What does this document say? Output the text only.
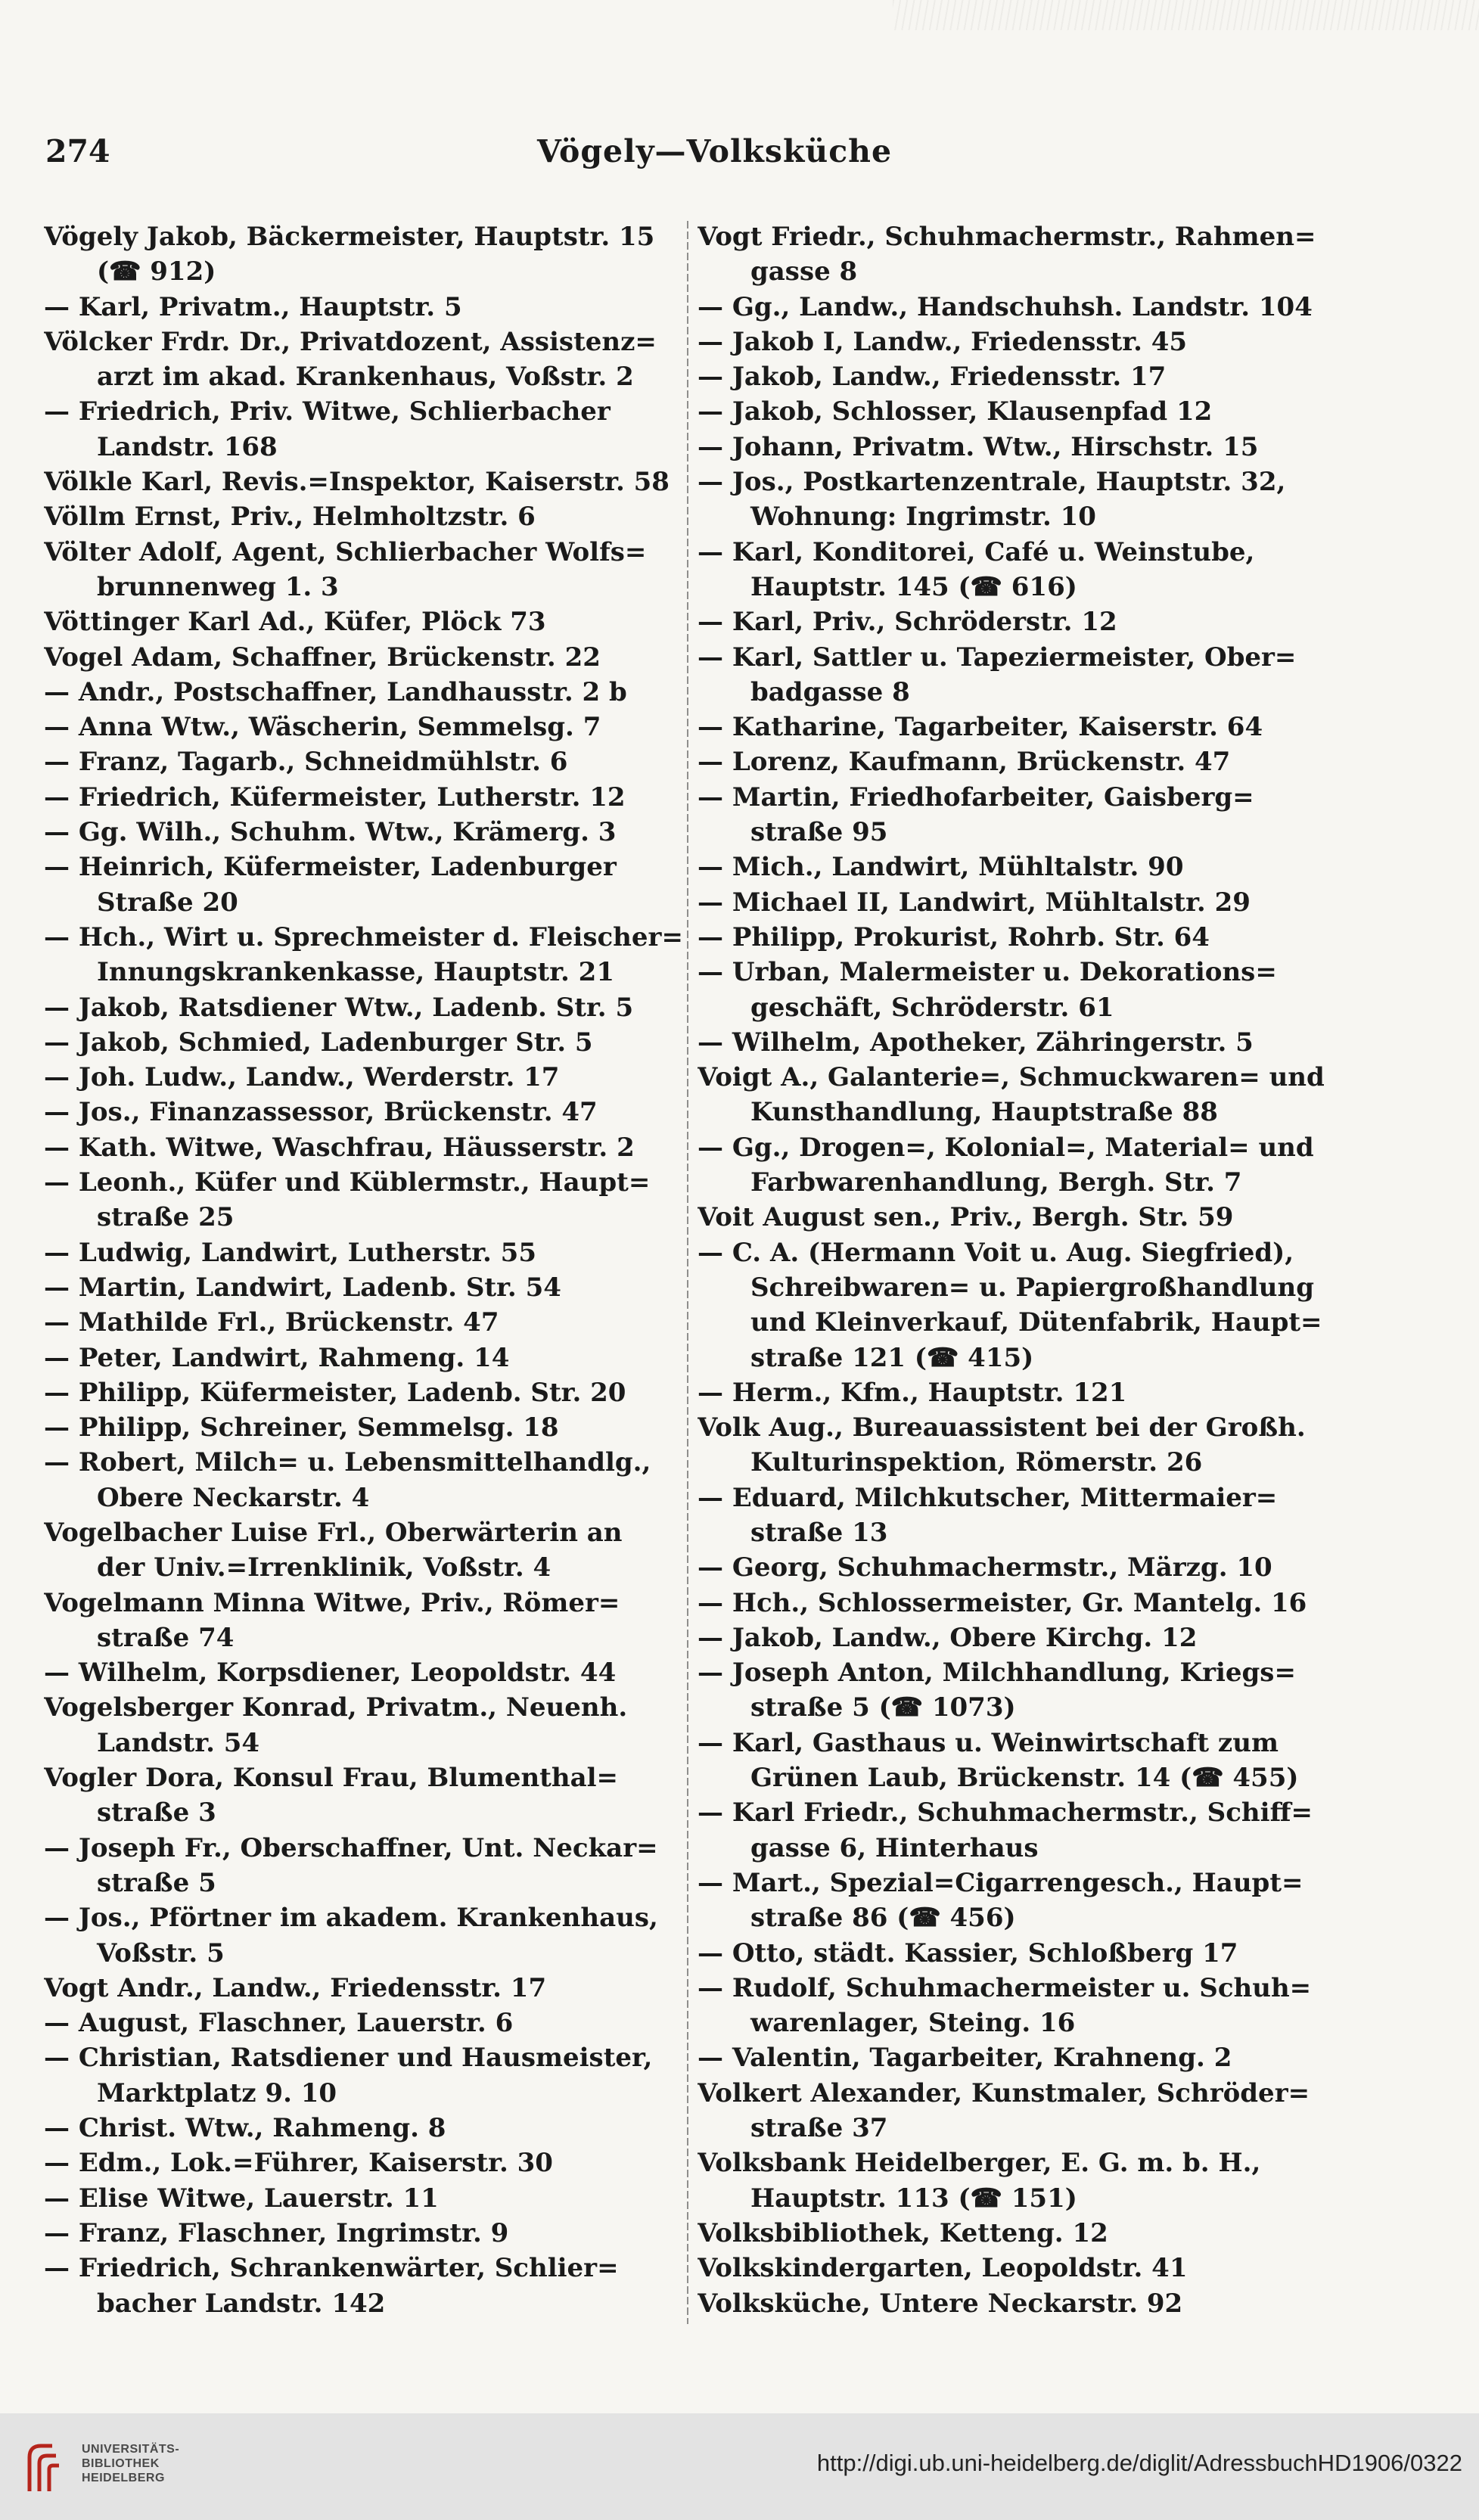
274	Vögely—Volksküche
Vögely Jakob, Bäckermeister, Hauptstr. 15
(☎ 912)
— Karl, Privatm., Hauptstr. 5
Völcker Frdr. Dr., Privatdozent, Assistenz=
arzt im akad. Krankenhaus, Voßstr. 2
— Friedrich, Priv. Witwe, Schlierbacher
Landstr. 168
Völkle Karl, Revis.=Inspektor, Kaiserstr. 58
Völlm Ernst, Priv., Helmholtzstr. 6
Völter Adolf, Agent, Schlierbacher Wolfs=
brunnenweg 1. 3
Vöttinger Karl Ad., Küfer, Plöck 73
Vogel Adam, Schaffner, Brückenstr. 22
— Andr., Postschaffner, Landhausstr. 2 b
— Anna Wtw., Wäscherin, Semmelsg. 7
— Franz, Tagarb., Schneidmühlstr. 6
— Friedrich, Küfermeister, Lutherstr. 12
— Gg. Wilh., Schuhm. Wtw., Krämerg. 3
— Heinrich, Küfermeister, Ladenburger
Straße 20
— Hch., Wirt u. Sprechmeister d. Fleischer=
Innungskrankenkasse, Hauptstr. 21
— Jakob, Ratsdiener Wtw., Ladenb. Str. 5
— Jakob, Schmied, Ladenburger Str. 5
— Joh. Ludw., Landw., Werderstr. 17
— Jos., Finanzassessor, Brückenstr. 47
— Kath. Witwe, Waschfrau, Häusserstr. 2
— Leonh., Küfer und Küblermstr., Haupt=
straße 25
— Ludwig, Landwirt, Lutherstr. 55
— Martin, Landwirt, Ladenb. Str. 54
— Mathilde Frl., Brückenstr. 47
— Peter, Landwirt, Rahmeng. 14
— Philipp, Küfermeister, Ladenb. Str. 20
— Philipp, Schreiner, Semmelsg. 18
— Robert, Milch= u. Lebensmittelhandlg.,
Obere Neckarstr. 4
Vogelbacher Luise Frl., Oberwärterin an
der Univ.=Irrenklinik, Voßstr. 4
Vogelmann Minna Witwe, Priv., Römer=
straße 74
— Wilhelm, Korpsdiener, Leopoldstr. 44
Vogelsberger Konrad, Privatm., Neuenh.
Landstr. 54
Vogler Dora, Konsul Frau, Blumenthal=
straße 3
— Joseph Fr., Oberschaffner, Unt. Neckar=
straße 5
— Jos., Pförtner im akadem. Krankenhaus,
Voßstr. 5
Vogt Andr., Landw., Friedensstr. 17
— August, Flaschner, Lauerstr. 6
— Christian, Ratsdiener und Hausmeister,
Marktplatz 9. 10
— Christ. Wtw., Rahmeng. 8
— Edm., Lok.=Führer, Kaiserstr. 30
— Elise Witwe, Lauerstr. 11
— Franz, Flaschner, Ingrimstr. 9
— Friedrich, Schrankenwärter, Schlier=
bacher Landstr. 142
Vogt Friedr., Schuhmachermstr., Rahmen=
gasse 8
— Gg., Landw., Handschuhsh. Landstr. 104
— Jakob I, Landw., Friedensstr. 45
— Jakob, Landw., Friedensstr. 17
— Jakob, Schlosser, Klausenpfad 12
— Johann, Privatm. Wtw., Hirschstr. 15
— Jos., Postkartenzentrale, Hauptstr. 32,
Wohnung: Ingrimstr. 10
— Karl, Konditorei, Café u. Weinstube,
Hauptstr. 145 (☎ 616)
— Karl, Priv., Schröderstr. 12
— Karl, Sattler u. Tapeziermeister, Ober=
badgasse 8
— Katharine, Tagarbeiter, Kaiserstr. 64
— Lorenz, Kaufmann, Brückenstr. 47
— Martin, Friedhofarbeiter, Gaisberg=
straße 95
— Mich., Landwirt, Mühltalstr. 90
— Michael II, Landwirt, Mühltalstr. 29
— Philipp, Prokurist, Rohrb. Str. 64
— Urban, Malermeister u. Dekorations=
geschäft, Schröderstr. 61
— Wilhelm, Apotheker, Zähringerstr. 5
Voigt A., Galanterie=, Schmuckwaren= und
Kunsthandlung, Hauptstraße 88
— Gg., Drogen=, Kolonial=, Material= und
Farbwarenhandlung, Bergh. Str. 7
Voit August sen., Priv., Bergh. Str. 59
— C. A. (Hermann Voit u. Aug. Siegfried),
Schreibwaren= u. Papiergroßhandlung
und Kleinverkauf, Dütenfabrik, Haupt=
straße 121 (☎ 415)
— Herm., Kfm., Hauptstr. 121
Volk Aug., Bureauassistent bei der Großh.
Kulturinspektion, Römerstr. 26
— Eduard, Milchkutscher, Mittermaier=
straße 13
— Georg, Schuhmachermstr., Märzg. 10
— Hch., Schlossermeister, Gr. Mantelg. 16
— Jakob, Landw., Obere Kirchg. 12
— Joseph Anton, Milchhandlung, Kriegs=
straße 5 (☎ 1073)
— Karl, Gasthaus u. Weinwirtschaft zum
Grünen Laub, Brückenstr. 14 (☎ 455)
— Karl Friedr., Schuhmachermstr., Schiff=
gasse 6, Hinterhaus
— Mart., Spezial=Cigarrengesch., Haupt=
straße 86 (☎ 456)
— Otto, städt. Kassier, Schloßberg 17
— Rudolf, Schuhmachermeister u. Schuh=
warenlager, Steing. 16
— Valentin, Tagarbeiter, Krahneng. 2
Volkert Alexander, Kunstmaler, Schröder=
straße 37
Volksbank Heidelberger, E. G. m. b. H.,
Hauptstr. 113 (☎ 151)
Volksbibliothek, Ketteng. 12
Volkskindergarten, Leopoldstr. 41
Volksküche, Untere Neckarstr. 92
UNIVERSITÄTS-
BIBLIOTHEK
HEIDELBERG
http://digi.ub.uni-heidelberg.de/diglit/AdressbuchHD1906/0322
